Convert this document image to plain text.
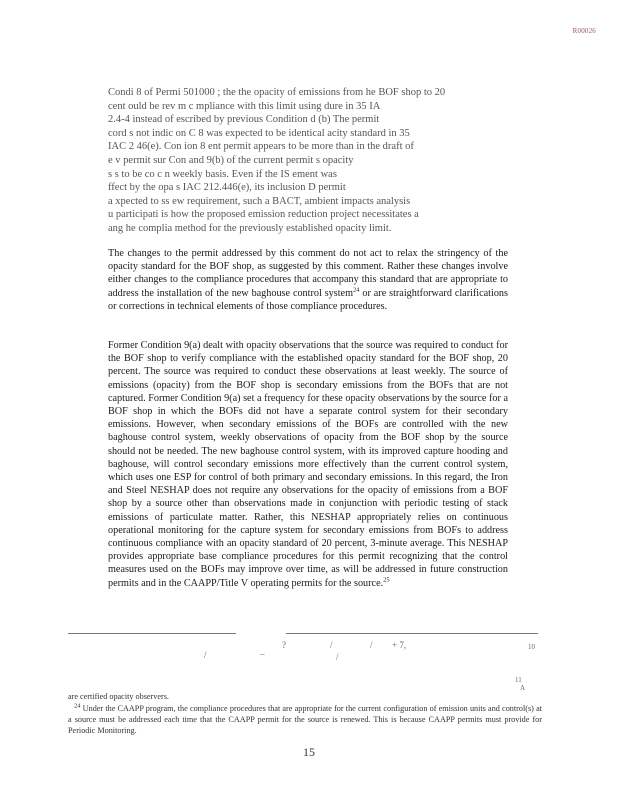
R00026
Condi 8 of Permi 501000 ; the the opacity of emissions from he BOF shop to 20
cent ould be rev m c mpliance with this limit using dure in 35 IA
2.4-4 instead of escribed by previous Condition d (b) The permit
cord s not indic on C 8 was expected to be identical acity standard in 35
IAC 2 46(e). Con ion 8 ent permit appears to be more than in the draft of
e v permit sur Con and 9(b) of the current permit s opacity
s s to be co c n weekly basis. Even if the IS ement was
ffect by the opa s IAC 212.446(e), its inclusion D permit
a xpected to ss ew requirement, such a BACT, ambient impacts analysis
u participati is how the proposed emission reduction project necessitates a
ang he complia method for the previously established opacity limit.
The changes to the permit addressed by this comment do not act to relax the stringency of the opacity standard for the BOF shop, as suggested by this comment. Rather these changes involve either changes to the compliance procedures that accompany this standard that are appropriate to address the installation of the new baghouse control system$^{24}$ or are straightforward clarifications or corrections in technical elements of those compliance procedures.
Former Condition 9(a) dealt with opacity observations that the source was required to conduct for the BOF shop to verify compliance with the established opacity standard for the BOF shop, 20 percent. The source was required to conduct these observations at least weekly. The source of emissions (opacity) from the BOF shop is secondary emissions from the BOFs that are not captured. Former Condition 9(a) set a frequency for these opacity observations by the source for a BOF shop in which the BOFs did not have a separate control system for their secondary emissions. However, when secondary emissions of the BOFs are controlled with the new baghouse control system, weekly observations of opacity from the BOF shop by the source should not be needed. The new baghouse control system, with its improved capture hooding and baghouse, will control secondary emissions more effectively than the current control system, which uses one ESP for control of both primary and secondary emissions. In this regard, the Iron and Steel NESHAP does not require any observations for the opacity of emissions from a BOF shop by a source other than observations made in conjunction with periodic testing of stack emissions of particulate matter. Rather, this NESHAP appropriately relies on continuous operational monitoring for the capture system for secondary emissions from BOFs to address continuous compliance with an opacity standard of 20 percent, 3-minute average. This NESHAP provides appropriate base compliance procedures for this permit recognizing that the control measures used on the BOFs may improve over time, as will be addressed in future construction permits and in the CAAPP/Title V operating permits for the source.$^{25}$
?
/
/
_
/
/ + 7,	10
11
A
are certified opacity observers.
$^{24}$ Under the CAAPP program, the compliance procedures that are appropriate for the current configuration of emission units and control(s) at a source must be addressed each time that the CAAPP permit for the source is renewed. This is because CAAPP permits must provide for Periodic Monitoring.
15
